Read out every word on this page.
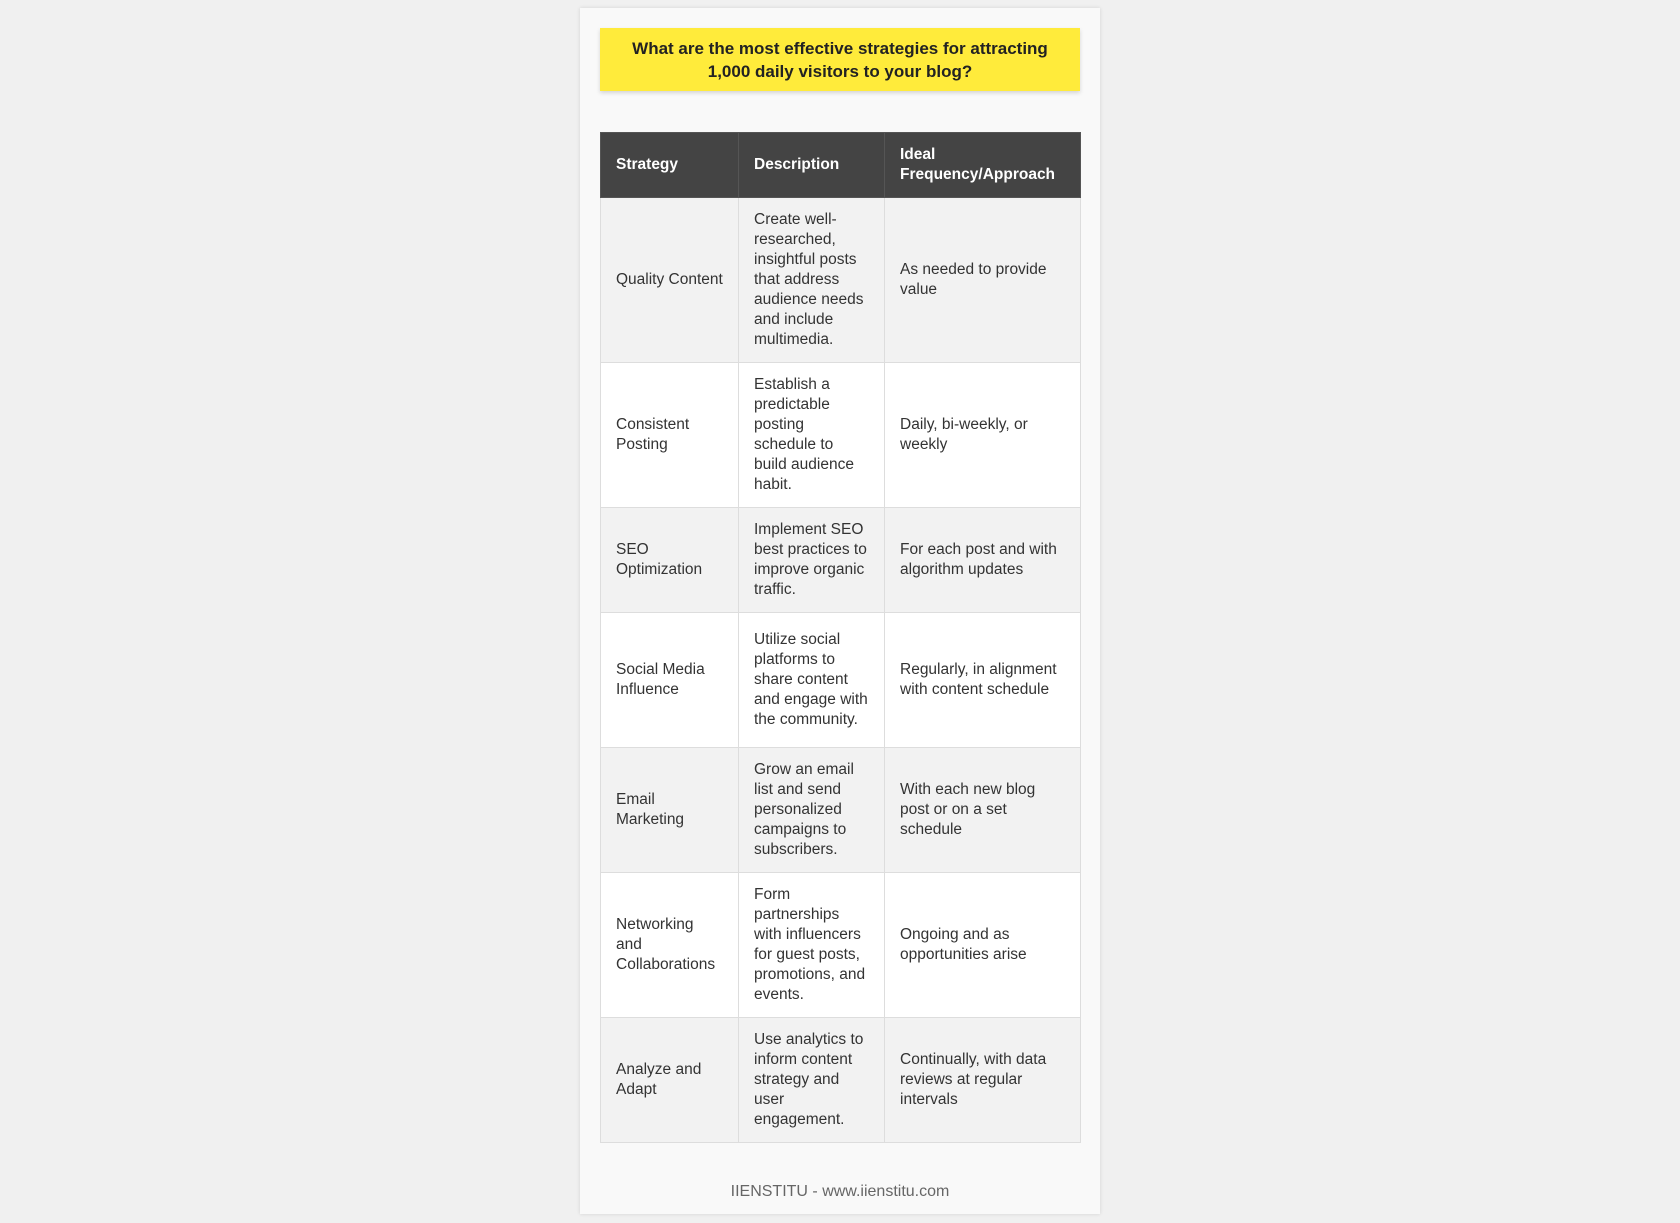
What are the most effective strategies for attracting 1,000 daily visitors to your blog?
Strategy	Description	Ideal Frequency/Approach
Quality Content	Create well-researched, insightful posts that address audience needs and include multimedia.	As needed to provide value
Consistent Posting	Establish a predictable posting schedule to build audience habit.	Daily, bi-weekly, or weekly
SEO Optimization	Implement SEO best practices to improve organic traffic.	For each post and with algorithm updates
Social Media Influence	Utilize social platforms to share content and engage with the community.	Regularly, in alignment with content schedule
Email Marketing	Grow an email list and send personalized campaigns to subscribers.	With each new blog post or on a set schedule
Networking and Collaborations	Form partnerships with influencers for guest posts, promotions, and events.	Ongoing and as opportunities arise
Analyze and Adapt	Use analytics to inform content strategy and user engagement.	Continually, with data reviews at regular intervals
IIENSTITU - www.iienstitu.com
